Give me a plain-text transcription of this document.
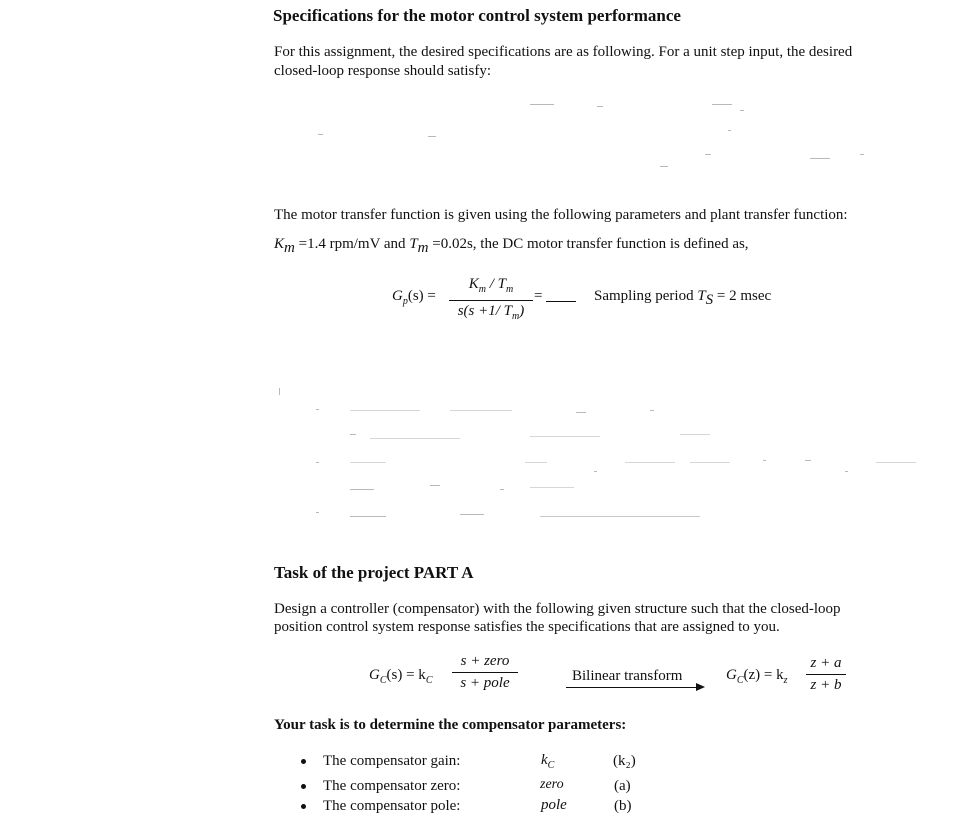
Specifications for the motor control system performance
For this assignment, the desired specifications are as following. For a unit step input, the desired
closed-loop response should satisfy:
The motor transfer function is given using the following parameters and plant transfer function:
$K_m =1.4$ rpm/mV and $T_m =0.02s$, the DC motor transfer function is defined as,
$G_p(s)$ =
$K_m / T_m$
s(s +1/ $T_m$)
=	Sampling period $T_S = 2$ msec
Task of the project PART A
Design a controller (compensator) with the following given structure such that the closed-loop
position control system response satisfies the specifications that are assigned to you.
$G_C(s) = k_C$
s + zero
s + pole	Bilinear transform	$G_C(z) = k_z$
z + a
z + b
Your task is to determine the compensator parameters:
The compensator gain:	$k_C$	(k₂)
The compensator zero:	zero	(a)
The compensator pole:	pole	(b)
